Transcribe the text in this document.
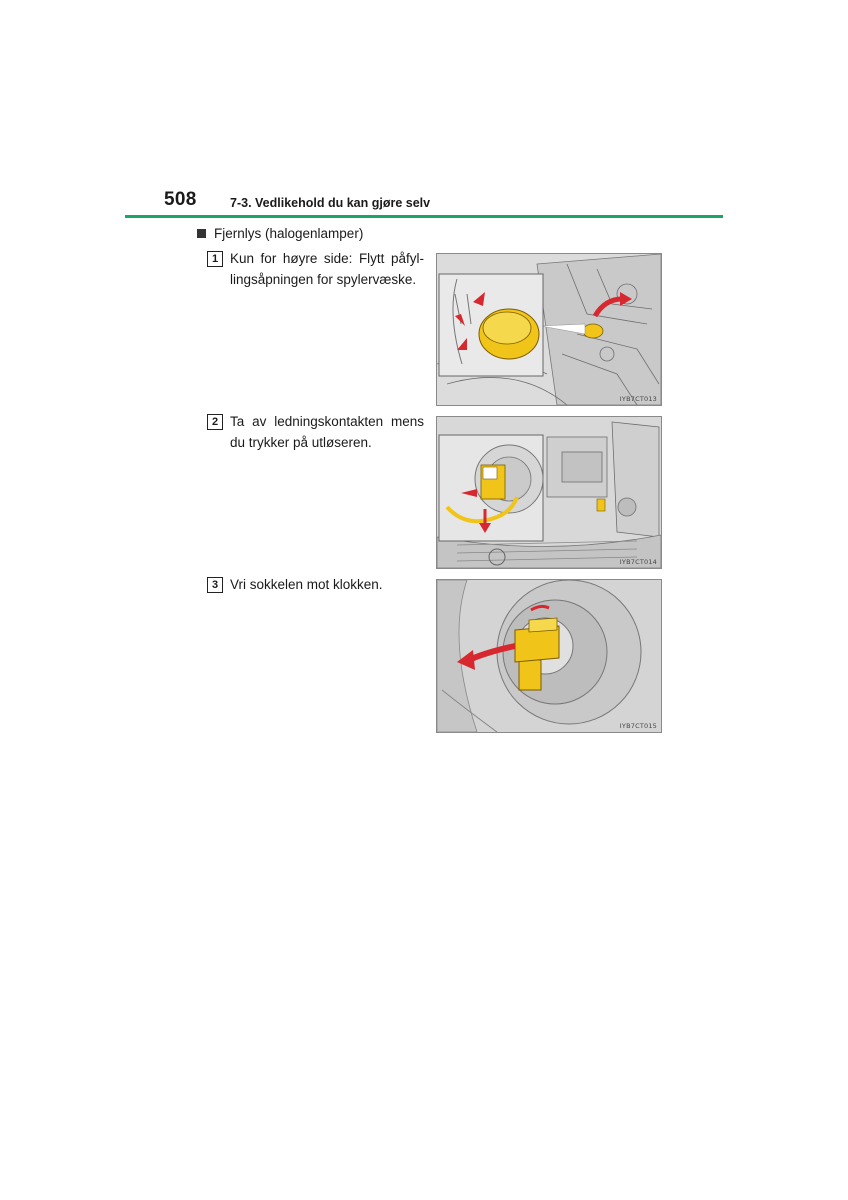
508	7-3. Vedlikehold du kan gjøre selv
Fjernlys (halogenlamper)
1 Kun for høyre side: Flytt påfyllingsåpningen for spylervæske.
IYB7CT013
2 Ta av ledningskontakten mens du trykker på utløseren.
IYB7CT014
3 Vri sokkelen mot klokken.
IYB7CT015
